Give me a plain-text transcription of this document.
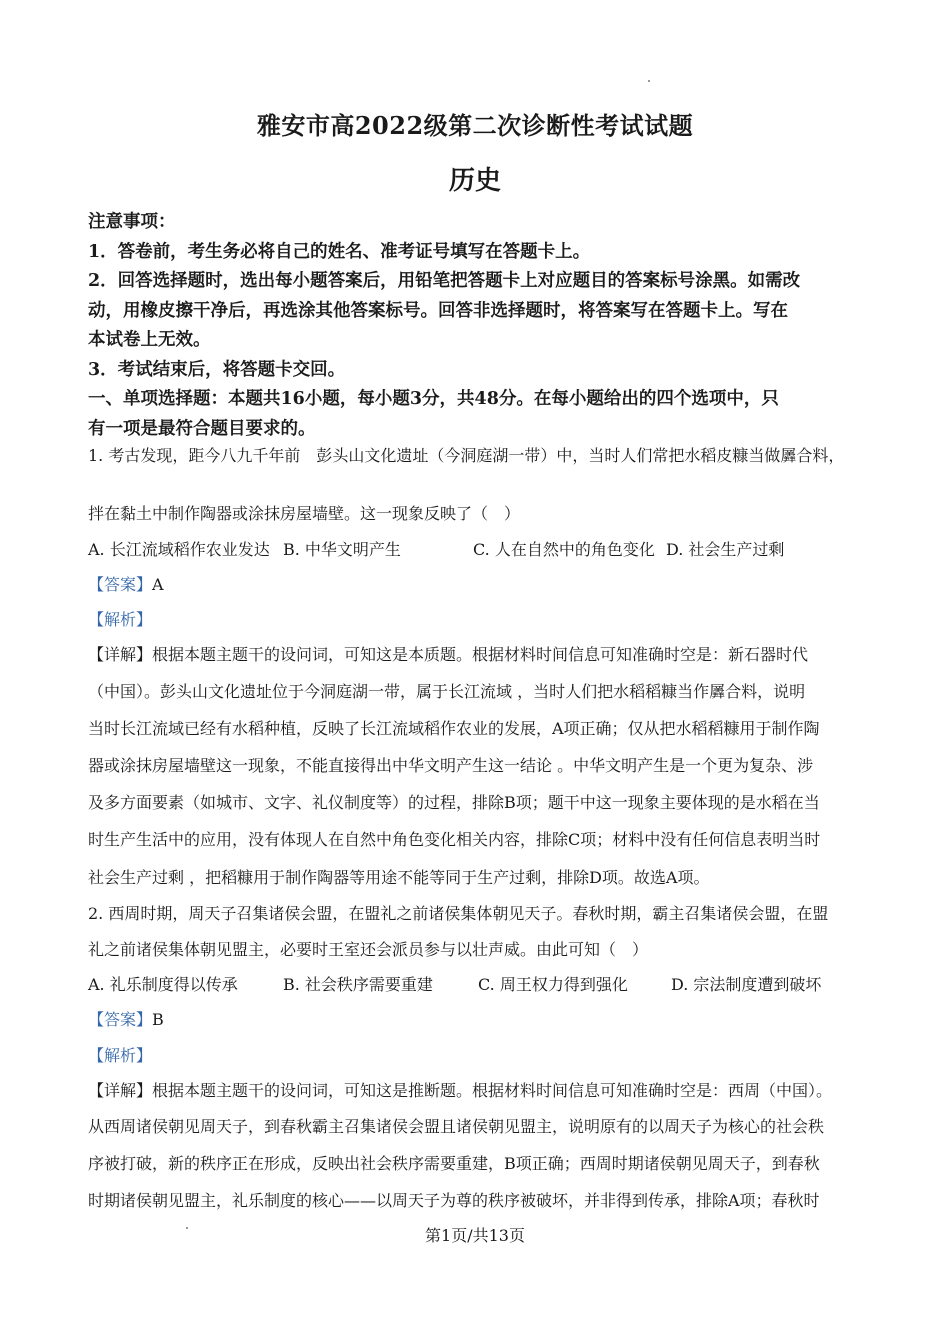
雅安市高2022级第二次诊断性考试试题
历史
注意事项：
1．答卷前，考生务必将自己的姓名、准考证号填写在答题卡上。
2．回答选择题时，选出每小题答案后，用铅笔把答题卡上对应题目的答案标号涂黑。如需改
动，用橡皮擦干净后，再选涂其他答案标号。回答非选择题时，将答案写在答题卡上。写在
本试卷上无效。
3．考试结束后，将答题卡交回。
一、单项选择题：本题共16小题，每小题3分，共48分。在每小题给出的四个选项中，只
有一项是最符合题目要求的。
1. 考古发现，距今八九千年前　彭头山文化遗址（今洞庭湖一带）中，当时人们常把水稻皮糠当做羼合料，
拌在黏土中制作陶器或涂抹房屋墙壁。这一现象反映了（　）
A. 长江流域稻作农业发达 B. 中华文明产生	C. 人在自然中的角色变化 D. 社会生产过剩
【答案】A
【解析】
【详解】根据本题主题干的设问词，可知这是本质题。根据材料时间信息可知准确时空是：新石器时代
（中国）。彭头山文化遗址位于今洞庭湖一带，属于长江流域 ，当时人们把水稻稻糠当作羼合料，说明
当时长江流域已经有水稻种植，反映了长江流域稻作农业的发展，A项正确；仅从把水稻稻糠用于制作陶
器或涂抹房屋墙壁这一现象，不能直接得出中华文明产生这一结论 。中华文明产生是一个更为复杂、涉
及多方面要素（如城市、文字、礼仪制度等）的过程，排除B项；题干中这一现象主要体现的是水稻在当
时生产生活中的应用，没有体现人在自然中角色变化相关内容，排除C项；材料中没有任何信息表明当时
社会生产过剩 ，把稻糠用于制作陶器等用途不能等同于生产过剩，排除D项。故选A项。
2. 西周时期，周天子召集诸侯会盟，在盟礼之前诸侯集体朝见天子。春秋时期，霸主召集诸侯会盟，在盟
礼之前诸侯集体朝见盟主，必要时王室还会派员参与以壮声威。由此可知（　）
A. 礼乐制度得以传承	B. 社会秩序需要重建	C. 周王权力得到强化	D. 宗法制度遭到破坏
【答案】B
【解析】
【详解】根据本题主题干的设问词，可知这是推断题。根据材料时间信息可知准确时空是：西周（中国）。
从西周诸侯朝见周天子，到春秋霸主召集诸侯会盟且诸侯朝见盟主，说明原有的以周天子为核心的社会秩
序被打破，新的秩序正在形成，反映出社会秩序需要重建，B项正确；西周时期诸侯朝见周天子，到春秋
时期诸侯朝见盟主，礼乐制度的核心——以周天子为尊的秩序被破坏，并非得到传承，排除A项；春秋时
第1页/共13页
